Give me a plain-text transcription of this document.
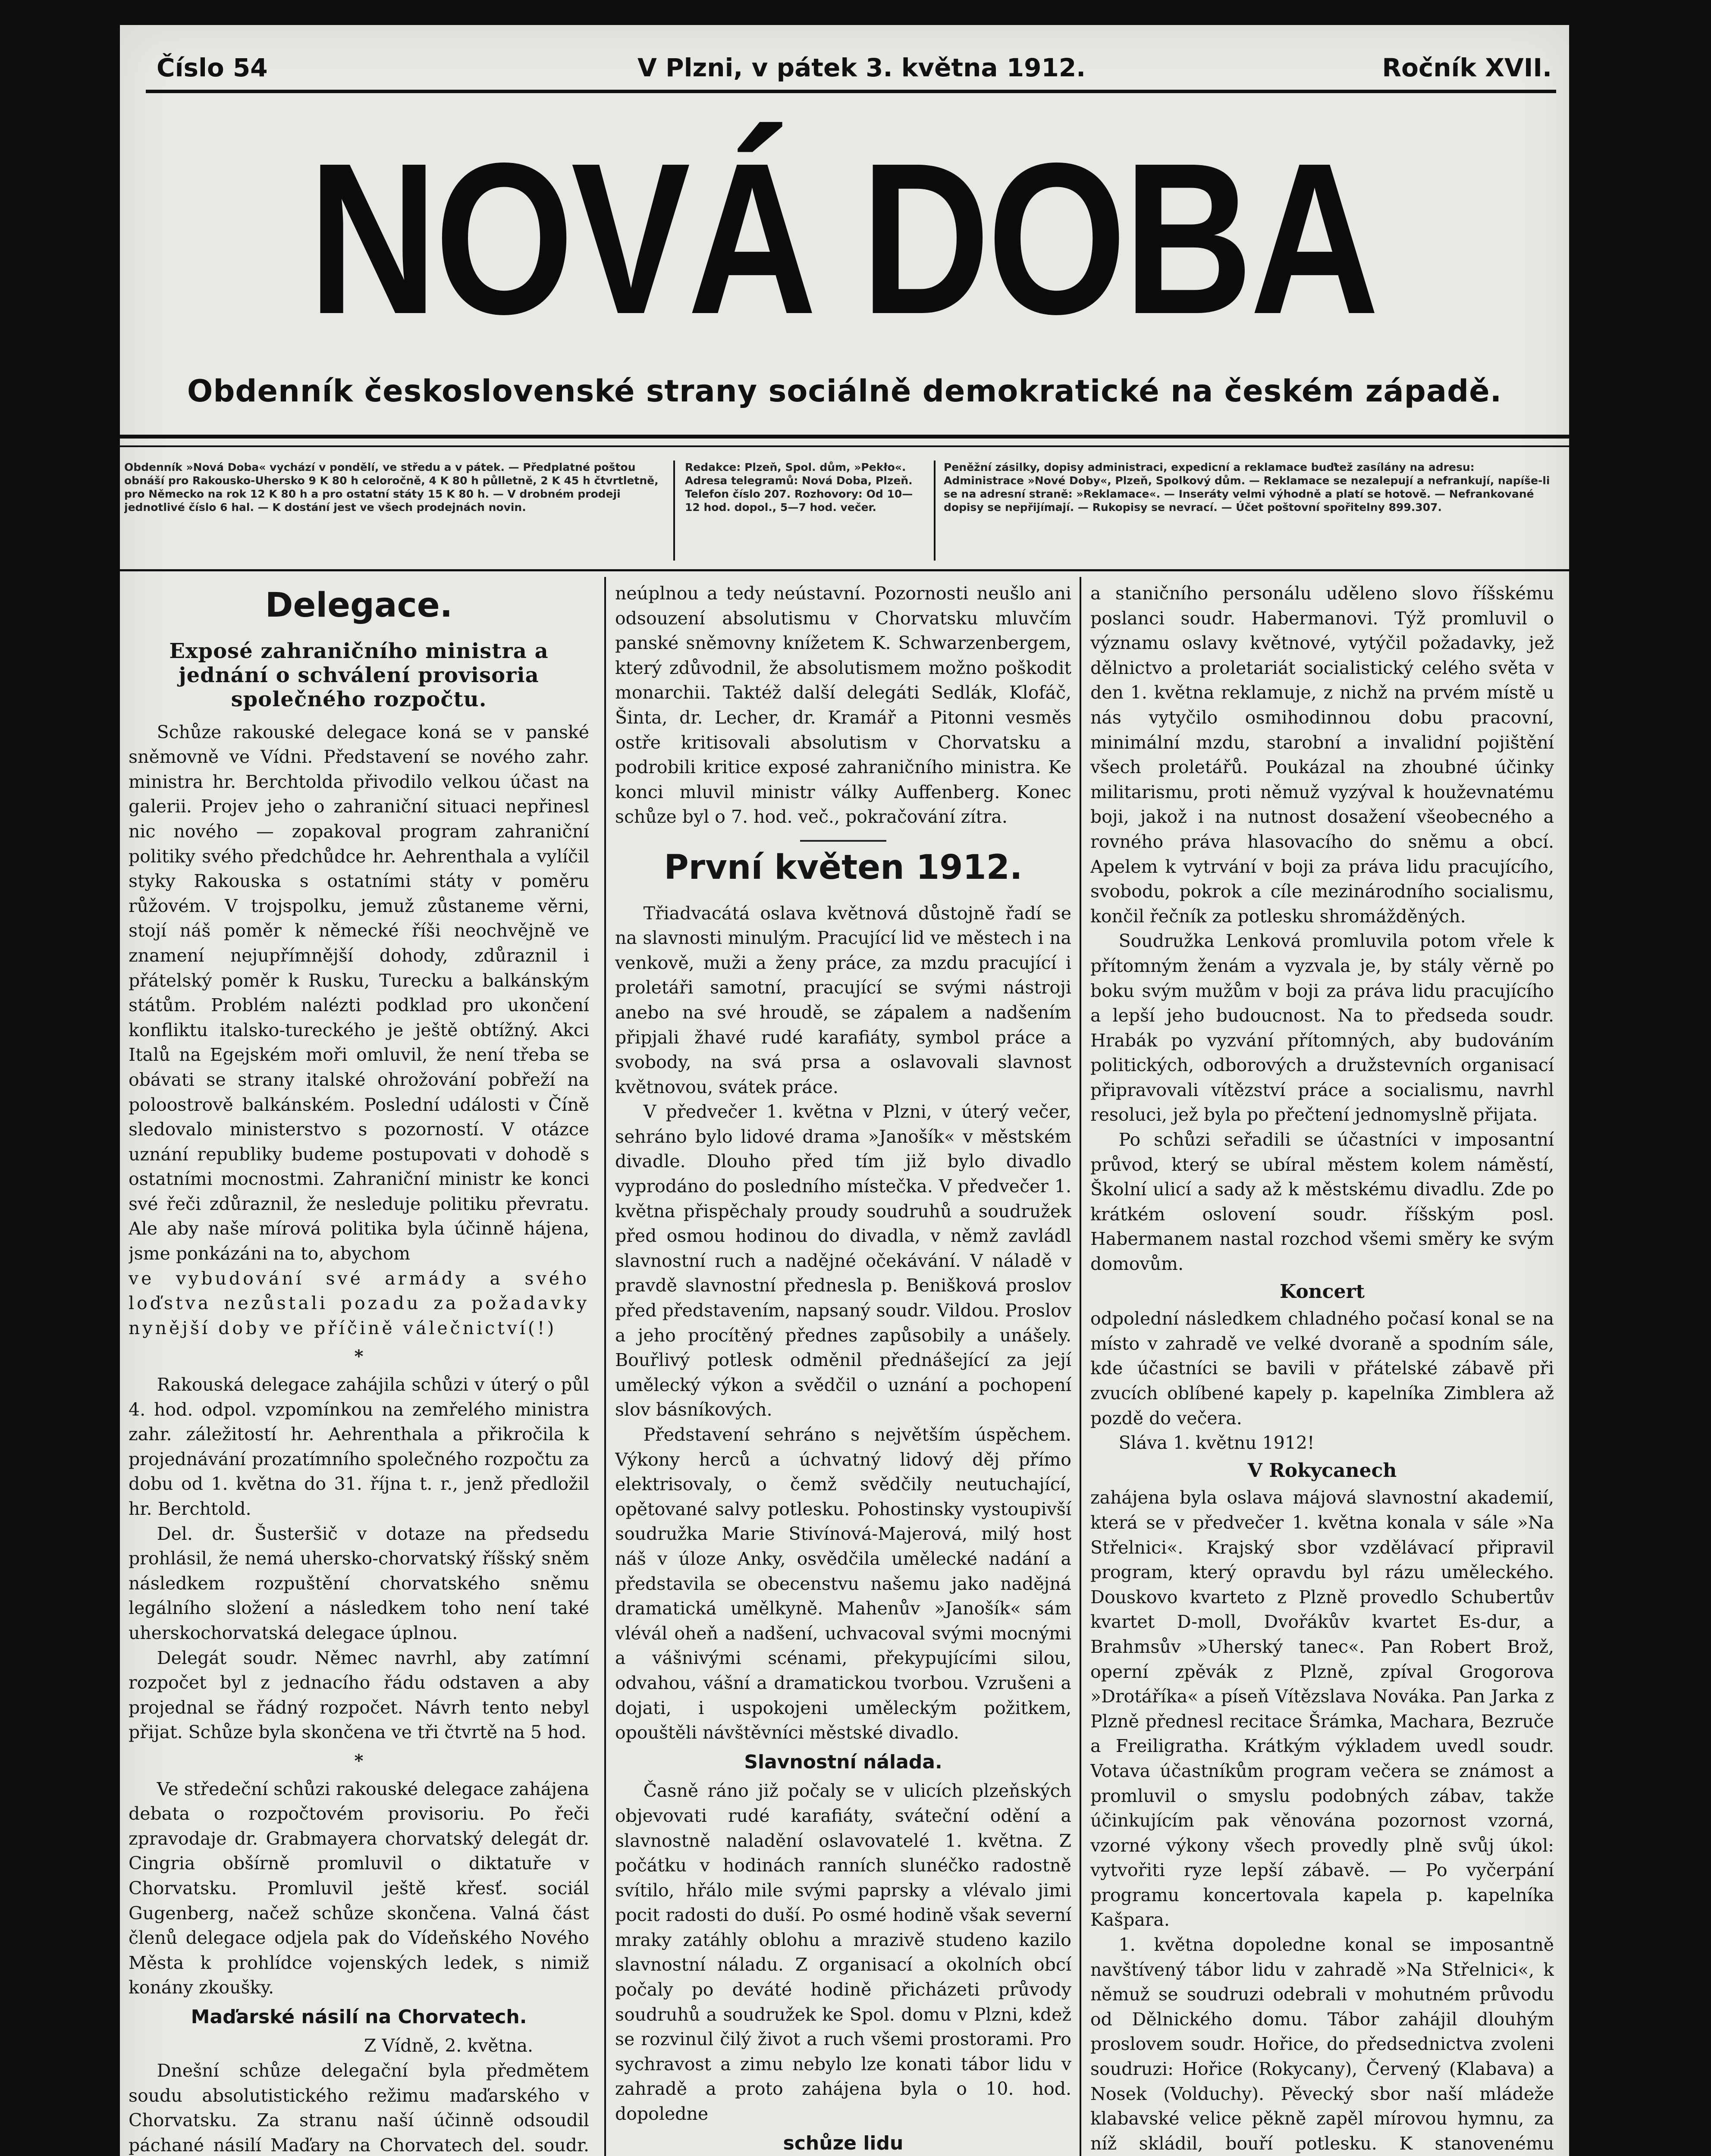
Číslo 54	V Plzni, v pátek 3. května 1912.	Ročník XVII.
NOVÁ DOBA
Obdenník československé strany sociálně demokratické na českém západě.
Obdenník »Nová Doba« vychází v pondělí, ve středu a v pátek. — Předplatné poštou obnáší pro Rakousko-Uhersko 9 K 80 h celoročně, 4 K 80 h půlletně, 2 K 45 h čtvrtletně, pro Německo na rok 12 K 80 h a pro ostatní státy 15 K 80 h. — V drobném prodeji jednotlivé číslo 6 hal. — K dostání jest ve všech prodejnách novin.
Redakce: Plzeň, Spol. dům, »Pekło«. Adresa telegramů: Nová Doba, Plzeň. Telefon číslo 207. Rozhovory: Od 10—12 hod. dopol., 5—7 hod. večer.
Peněžní zásilky, dopisy administraci, expedicní a reklamace buďtež zasílány na adresu: Administrace »Nové Doby«, Plzeň, Spolkový dům. — Reklamace se nezalepují a nefrankují, napíše-li se na adresní straně: »Reklamace«. — Inseráty velmi výhodně a platí se hotově. — Nefrankované dopisy se nepřijímají. — Rukopisy se nevrací. — Účet poštovní spořitelny 899.307.
Delegace.
Exposé zahraničního ministra a jednání o schválení provisoria společného rozpočtu.

Schůze rakouské delegace koná se v panské sněmovně ve Vídni. Představení se nového zahr. ministra hr. Berchtolda přivodilo velkou účast na galerii. Projev jeho o zahraniční situaci nepřinesl nic nového — zopakoval program zahraniční politiky svého předchůdce hr. Aehrenthala a vylíčil styky Rakouska s ostatními státy v poměru růžovém. V trojspolku, jemuž zůstaneme věrni, stojí náš poměr k německé říši neochvějně ve znamení nejupřímnější dohody, zdůraznil i přátelský poměr k Rusku, Turecku a balkánským státům. Problém nalézti podklad pro ukončení konfliktu italsko-tureckého je ještě obtížný. Akci Italů na Egejském moři omluvil, že není třeba se obávati se strany italské ohrožování pobřeží na poloostrově balkánském. Poslední události v Číně sledovalo ministerstvo s pozorností. V otázce uznání republiky budeme postupovati v dohodě s ostatními mocnostmi. Zahraniční ministr ke konci své řeči zdůraznil, že nesleduje politiku převratu. Ale aby naše mírová politika byla účinně hájena, jsme ponkázáni na to, abychom

ve vybudování své armády a svého loďstva nezůstali pozadu za požadavky nynější doby ve příčině válečnictví(!)

*

Rakouská delegace zahájila schůzi v úterý o půl 4. hod. odpol. vzpomínkou na zemřelého ministra zahr. záležitostí hr. Aehrenthala a přikročila k projednávání prozatímního společného rozpočtu za dobu od 1. května do 31. října t. r., jenž předložil hr. Berchtold.

Del. dr. Šusteršič v dotaze na předsedu prohlásil, že nemá uhersko-chorvatský říšský sněm následkem rozpuštění chorvatského sněmu legálního složení a následkem toho není také uherskochorvatská delegace úplnou.

Delegát soudr. Němec navrhl, aby zatímní rozpočet byl z jednacího řádu odstaven a aby projednal se řádný rozpočet. Návrh tento nebyl přijat. Schůze byla skončena ve tři čtvrtě na 5 hod.

*

Ve středeční schůzi rakouské delegace zahájena debata o rozpočtovém provisoriu. Po řeči zpravodaje dr. Grabmayera chorvatský delegát dr. Cingria obšírně promluvil o diktatuře v Chorvatsku. Promluvil ještě křesť. sociál Gugenberg, načež schůze skončena. Valná část členů delegace odjela pak do Vídeňského Nového Města k prohlídce vojenských ledek, s nimiž konány zkoušky.

Maďarské násilí na Chorvatech.
Z Vídně, 2. května.

Dnešní schůze delegační byla předmětem soudu absolutistického režimu maďarského v Chorvatsku. Za stranu naší účinně odsoudil páchané násilí Maďary na Chorvatech del. soudr.

neúplnou a tedy neústavní. Pozornosti neušlo ani odsouzení absolutismu v Chorvatsku mluvčím panské sněmovny knížetem K. Schwarzenbergem, který zdůvodnil, že absolutismem možno poškodit monarchii. Taktéž další delegáti Sedlák, Klofáč, Šinta, dr. Lecher, dr. Kramář a Pitonni vesměs ostře kritisovali absolutism v Chorvatsku a podrobili kritice exposé zahraničního ministra. Ke konci mluvil ministr války Auffenberg. Konec schůze byl o 7. hod. več., pokračování zítra.

První květen 1912.

Třiadvacátá oslava květnová důstojně řadí se na slavnosti minulým. Pracující lid ve městech i na venkově, muži a ženy práce, za mzdu pracující i proletáři samotní, pracující se svými nástroji anebo na své hroudě, se zápalem a nadšením připjali žhavé rudé karafiáty, symbol práce a svobody, na svá prsa a oslavovali slavnost květnovou, svátek práce.

V předvečer 1. května v Plzni, v úterý večer, sehráno bylo lidové drama »Janošík« v městském divadle. Dlouho před tím již bylo divadlo vyprodáno do posledního místečka. V předvečer 1. května přispěchaly proudy soudruhů a soudružek před osmou hodinou do divadla, v němž zavládl slavnostní ruch a nadějné očekávání. V náladě v pravdě slavnostní přednesla p. Benišková proslov před představením, napsaný soudr. Vildou. Proslov a jeho procítěný přednes zapůsobily a unášely. Bouřlivý potlesk odměnil přednášející za její umělecký výkon a svědčil o uznání a pochopení slov básníkových.

Představení sehráno s největším úspěchem. Výkony herců a úchvatný lidový děj přímo elektrisovaly, o čemž svědčily neutuchající, opětované salvy potlesku. Pohostinsky vystoupivší soudružka Marie Stivínová-Majerová, milý host náš v úloze Anky, osvědčila umělecké nadání a představila se obecenstvu našemu jako nadějná dramatická umělkyně. Mahenův »Janošík« sám vlévál oheň a nadšení, uchvacoval svými mocnými a vášnivými scénami, překypujícími silou, odvahou, vášní a dramatickou tvorbou. Vzrušeni a dojati, i uspokojeni uměleckým požitkem, opouštěli návštěvníci městské divadlo.

Slavnostní nálada.

Časně ráno již počaly se v ulicích plzeňských objevovati rudé karafiáty, sváteční odění a slavnostně naladění oslavovatelé 1. května. Z počátku v hodinách ranních slunéčko radostně svítilo, hřálo mile svými paprsky a vlévalo jimi pocit radosti do duší. Po osmé hodině však severní mraky zatáhly oblohu a mrazivě studeno kazilo slavnostní náladu. Z organisací a okolních obcí počaly po deváté hodině přicházeti průvody soudruhů a soudružek ke Spol. domu v Plzni, kdež se rozvinul čilý život a ruch všemi prostorami. Pro sychravost a zimu nebylo lze konati tábor lidu v zahradě a proto zahájena byla o 10. hod. dopoledne

schůze lidu

a staničního personálu uděleno slovo říšskému poslanci soudr. Habermanovi. Týž promluvil o významu oslavy květnové, vytýčil požadavky, jež dělnictvo a proletariát socialistický celého světa v den 1. května reklamuje, z nichž na prvém místě u nás vytyčilo osmihodinnou dobu pracovní, minimální mzdu, starobní a invalidní pojištění všech proletářů. Poukázal na zhoubné účinky militarismu, proti němuž vyzýval k houževnatému boji, jakož i na nutnost dosažení všeobecného a rovného práva hlasovacího do sněmu a obcí. Apelem k vytrvání v boji za práva lidu pracujícího, svobodu, pokrok a cíle mezinárodního socialismu, končil řečník za potlesku shromážděných.

Soudružka Lenková promluvila potom vřele k přítomným ženám a vyzvala je, by stály věrně po boku svým mužům v boji za práva lidu pracujícího a lepší jeho budoucnost. Na to předseda soudr. Hrabák po vyzvání přítomných, aby budováním politických, odborových a družstevních organisací připravovali vítězství práce a socialismu, navrhl resoluci, jež byla po přečtení jednomyslně přijata.

Po schůzi seřadili se účastníci v imposantní průvod, který se ubíral městem kolem náměstí, Školní ulicí a sady až k městskému divadlu. Zde po krátkém oslovení soudr. říšským posl. Habermanem nastal rozchod všemi směry ke svým domovům.

Koncert

odpolední následkem chladného počasí konal se na místo v zahradě ve velké dvoraně a spodním sále, kde účastníci se bavili v přátelské zábavě při zvucích oblíbené kapely p. kapelníka Zimblera až pozdě do večera.

Sláva 1. květnu 1912!

V Rokycanech

zahájena byla oslava májová slavnostní akademií, která se v předvečer 1. května konala v sále »Na Střelnici«. Krajský sbor vzdělávací připravil program, který opravdu byl rázu uměleckého. Douskovo kvarteto z Plzně provedlo Schubertův kvartet D-moll, Dvořákův kvartet Es-dur, a Brahmsův »Uherský tanec«. Pan Robert Brož, operní zpěvák z Plzně, zpíval Grogorova »Drotáříka« a píseň Vítězslava Nováka. Pan Jarka z Plzně přednesl recitace Šrámka, Machara, Bezruče a Freiligratha. Krátkým výkladem uvedl soudr. Votava účastníkům program večera se známost a promluvil o smyslu podobných zábav, takže účinkujícím pak věnována pozornost vzorná, vzorné výkony všech provedly plně svůj úkol: vytvořiti ryze lepší zábavě. — Po vyčerpání programu koncertovala kapela p. kapelníka Kašpara.

1. května dopoledne konal se imposantně navštívený tábor lidu v zahradě »Na Střelnici«, k němuž se soudruzi odebrali v mohutném průvodu od Dělnického domu. Tábor zahájil dlouhým proslovem soudr. Hořice, do předsednictva zvoleni soudruzi: Hořice (Rokycany), Červený (Klabava) a Nosek (Volduchy). Pěvecký sbor naší mládeže klabavské velice pěkně zapěl mírovou hymnu, za níž skládil, bouří potlesku. K stanovenému
